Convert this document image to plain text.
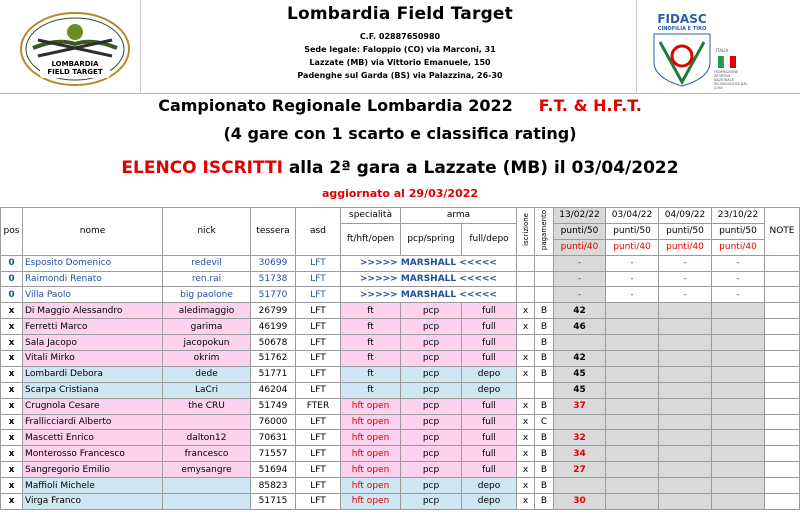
LOMBARDIA
FIELD TARGET
Lombardia Field Target
C.F. 02887650980
Sede legale: Faloppio (CO) via Marconi, 31
Lazzate (MB) via Vittorio Emanuele, 150
Padenghe sul Garda (BS) via Palazzina, 26-30
FIDASC
CINOFILIA E TIRO
ITALIA
FEDERAZIONE SPORTIVA NAZIONALE RICONOSCIUTA DAL CONI
Campionato Regionale Lombardia 2022 F.T. & H.F.T.
(4 gare con 1 scarto e classifica rating)
ELENCO ISCRITTI alla 2ª gara a Lazzate (MB) il 03/04/2022
aggiornato al 29/03/2022
pos	nome	nick	tessera	asd	specialità	arma		iscrizione	pagamento	13/02/22	03/04/22	04/09/22	23/10/22	NOTE
					ft/hft/open	pcp/spring	full/depo			punti/50	punti/50	punti/50	punti/50	
										punti/40	punti/40	punti/40	punti/40	
0	Esposito Domenico	redevil	30699	LFT	>>>>> MARSHALL <<<<<					-	-	-	-	
0	Raimondi Renato	ren.rai	51738	LFT	>>>>> MARSHALL <<<<<					-	-	-	-	
0	Villa Paolo	big paolone	51770	LFT	>>>>> MARSHALL <<<<<					-	-	-	-	
x	Di Maggio Alessandro	aledimaggio	26799	LFT	ft	pcp	full	x	B	42				
x	Ferretti Marco	garima	46199	LFT	ft	pcp	full	x	B	46				
x	Sala Jacopo	jacopokun	50678	LFT	ft	pcp	full		B					
x	Vitali Mirko	okrim	51762	LFT	ft	pcp	full	x	B	42				
x	Lombardi Debora	dede	51771	LFT	ft	pcp	depo	x	B	45				
x	Scarpa Cristiana	LaCri	46204	LFT	ft	pcp	depo			45				
x	Crugnola Cesare	the CRU	51749	FTER	hft open	pcp	full	x	B	37				
x	Frallicciardi Alberto		76000	LFT	hft open	pcp	full	x	C					
x	Mascetti Enrico	dalton12	70631	LFT	hft open	pcp	full	x	B	32				
x	Monterosso Francesco	francesco	71557	LFT	hft open	pcp	full	x	B	34				
x	Sangregorio Emilio	emysangre	51694	LFT	hft open	pcp	full	x	B	27				
x	Maffioli Michele		85823	LFT	hft open	pcp	depo	x	B					
x	Virga Franco		51715	LFT	hft open	pcp	depo	x	B	30				
